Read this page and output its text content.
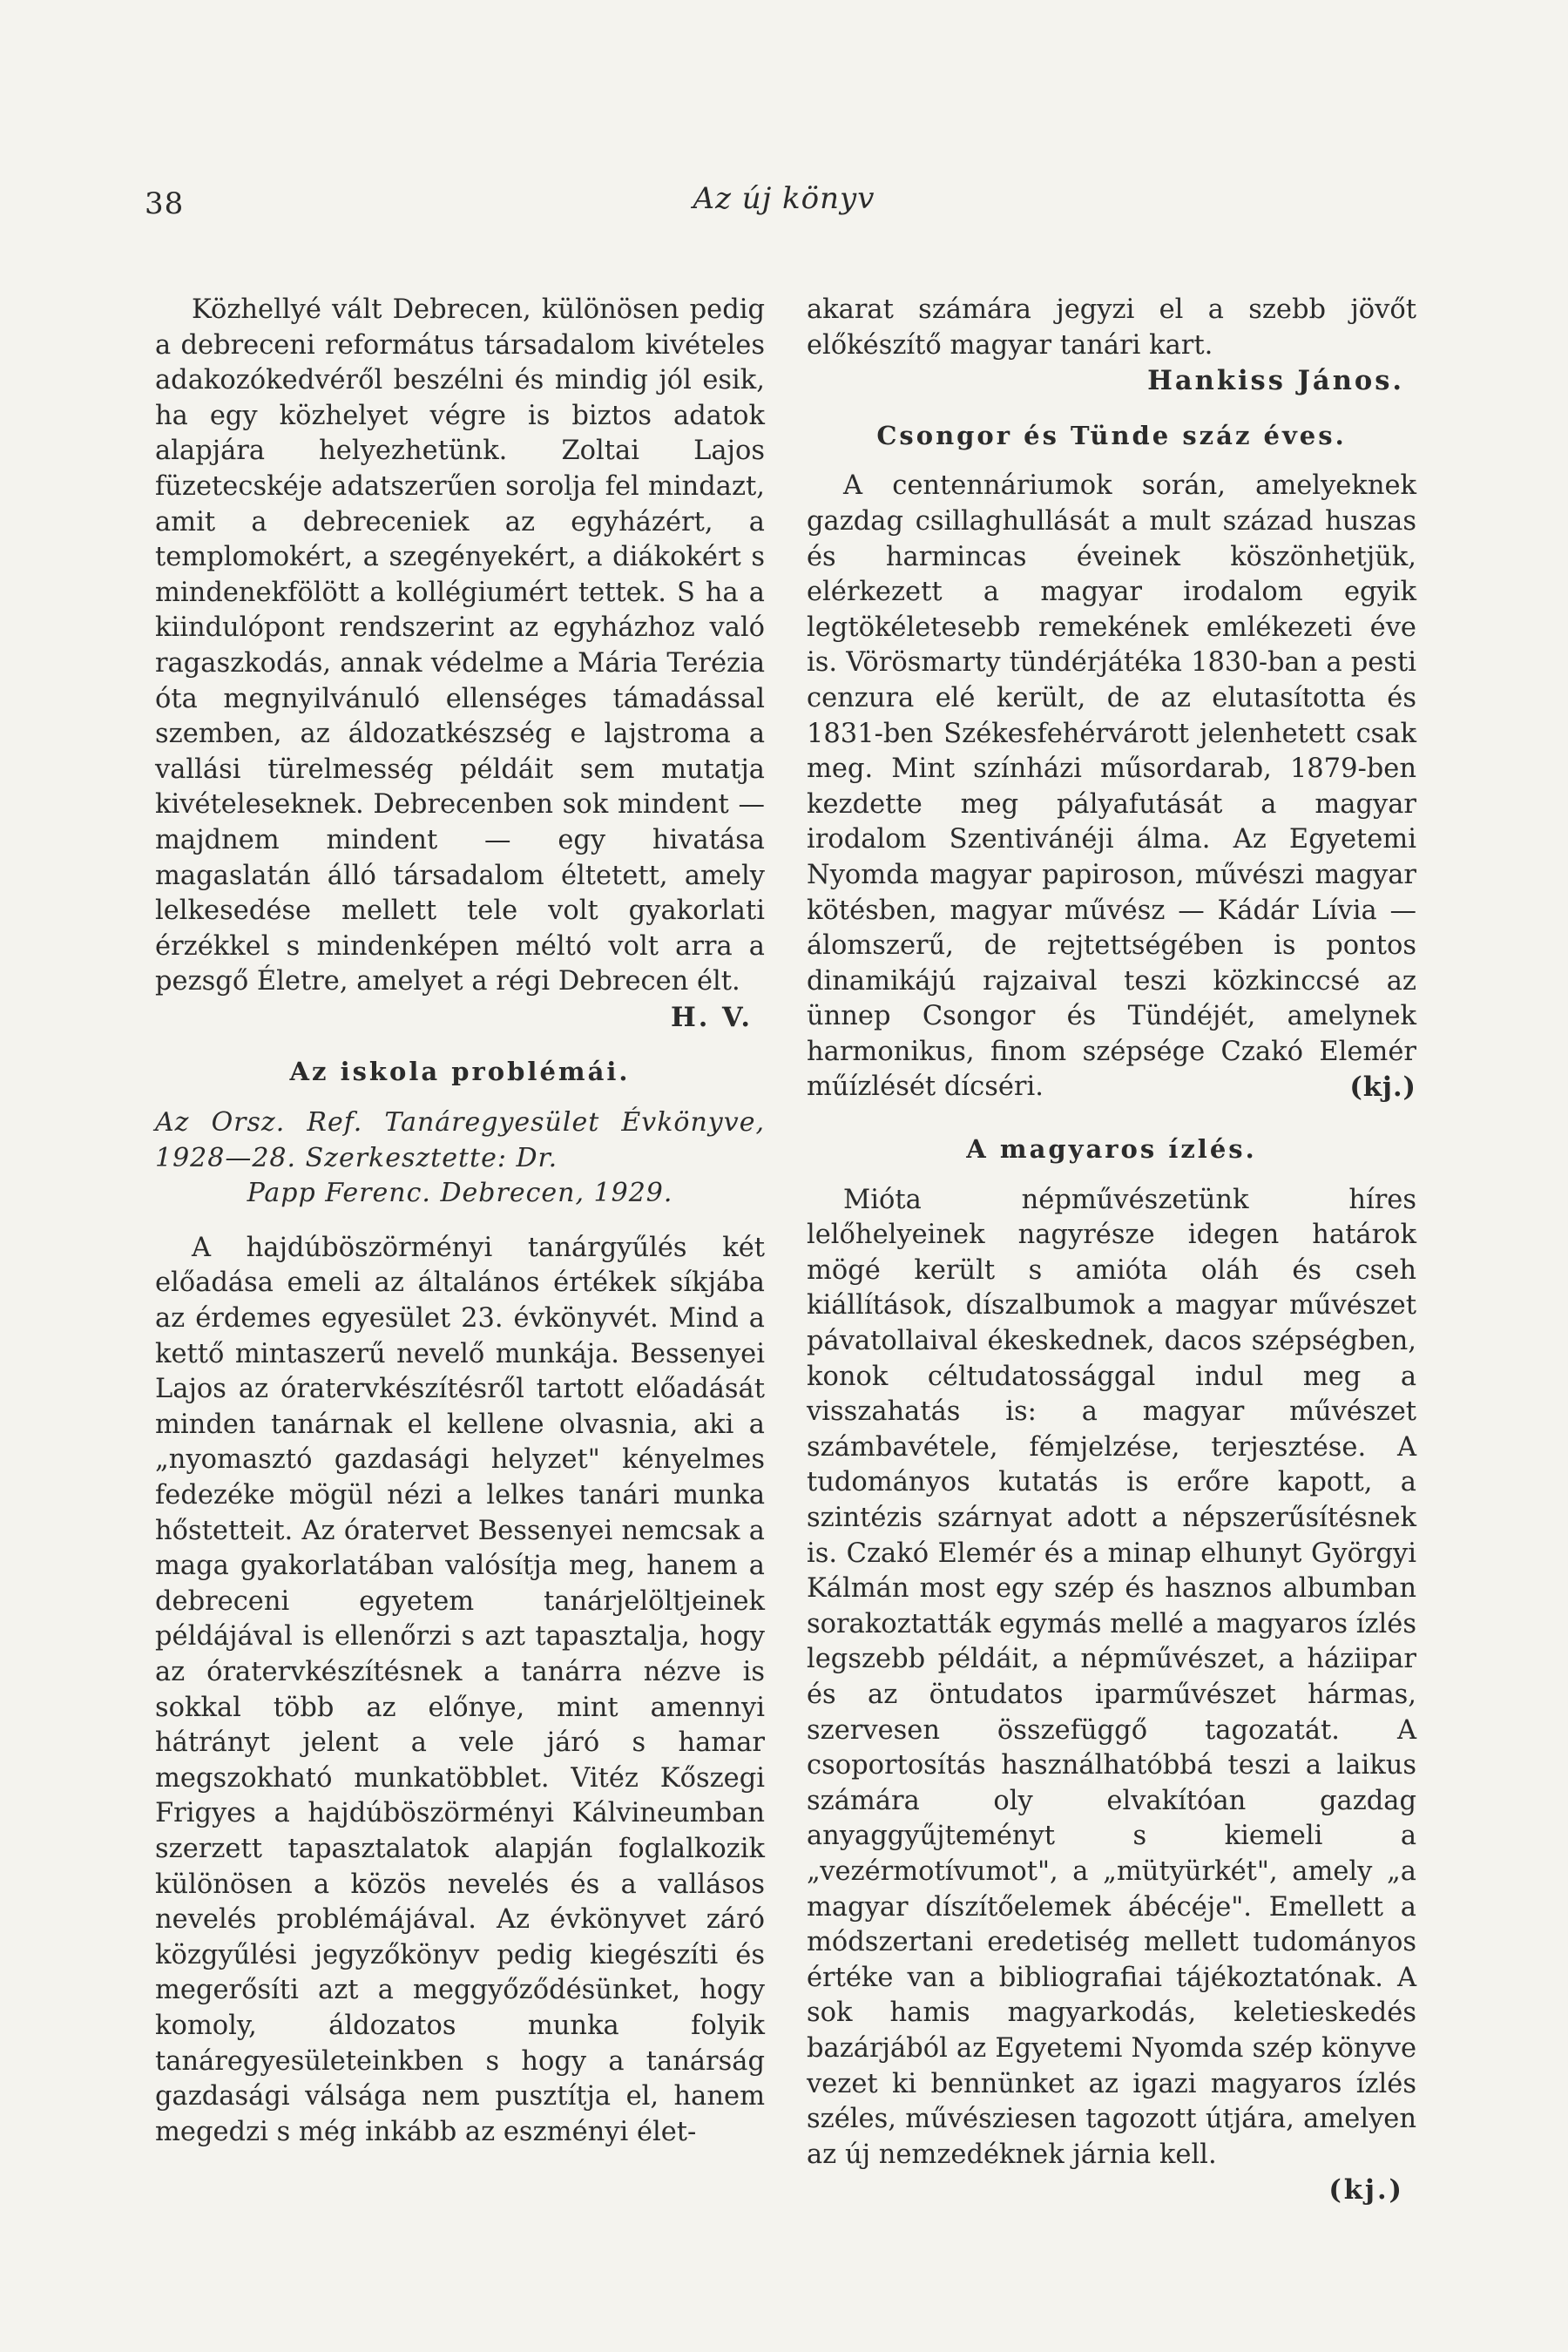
38	Az új könyv

Közhellyé vált Debrecen, különösen pedig a debreceni református társadalom kivételes adakozókedvéről beszélni és mindig jól esik, ha egy közhelyet végre is biztos adatok alapjára helyezhetünk. Zoltai Lajos füzetecskéje adatszerűen sorolja fel mindazt, amit a debreceniek az egyházért, a templomokért, a szegényekért, a diákokért s mindenekfölött a kollégiumért tettek. S ha a kiindulópont rendszerint az egyházhoz való ragaszkodás, annak védelme a Mária Terézia óta megnyilvánuló ellenséges támadással szemben, az áldozatkészség e lajstroma a vallási türelmesség példáit sem mutatja kivételeseknek. Debrecenben sok mindent — majdnem mindent — egy hivatása magaslatán álló társadalom éltetett, amely lelkesedése mellett tele volt gyakorlati érzékkel s mindenképen méltó volt arra a pezsgő Életre, amelyet a régi Debrecen élt.

H. V.

Az iskola problémái.
Az Orsz. Ref. Tanáregyesület Évkönyve, 1928—28. Szerkesztette: Dr.
Papp Ferenc. Debrecen, 1929.

A hajdúböszörményi tanárgyűlés két előadása emeli az általános értékek síkjába az érdemes egyesület 23. évkönyvét. Mind a kettő mintaszerű nevelő munkája. Bessenyei Lajos az óratervkészítésről tartott előadását minden tanárnak el kellene olvasnia, aki a „nyomasztó gazdasági helyzet" kényelmes fedezéke mögül nézi a lelkes tanári munka hőstetteit. Az óratervet Bessenyei nemcsak a maga gyakorlatában valósítja meg, hanem a debreceni egyetem tanárjelöltjeinek példájával is ellenőrzi s azt tapasztalja, hogy az óratervkészítésnek a tanárra nézve is sokkal több az előnye, mint amennyi hátrányt jelent a vele járó s hamar megszokható munkatöbblet. Vitéz Kőszegi Frigyes a hajdúböszörményi Kálvineumban szerzett tapasztalatok alapján foglalkozik különösen a közös nevelés és a vallásos nevelés problémájával. Az évkönyvet záró közgyűlési jegyzőkönyv pedig kiegészíti és megerősíti azt a meggyőződésünket, hogy komoly, áldozatos munka folyik tanáregyesületeinkben s hogy a tanárság gazdasági válsága nem pusztítja el, hanem megedzi s még inkább az eszményi élet-

akarat számára jegyzi el a szebb jövőt előkészítő magyar tanári kart.

Hankiss János.

Csongor és Tünde száz éves.

A centennáriumok során, amelyeknek gazdag csillaghullását a mult század huszas és harmincas éveinek köszönhetjük, elérkezett a magyar irodalom egyik legtökéletesebb remekének emlékezeti éve is. Vörösmarty tündérjátéka 1830-ban a pesti cenzura elé került, de az elutasította és 1831-ben Székesfehérvárott jelenhetett csak meg. Mint színházi műsordarab, 1879-ben kezdette meg pályafutását a magyar irodalom Szentivánéji álma. Az Egyetemi Nyomda magyar papiroson, művészi magyar kötésben, magyar művész — Kádár Lívia — álomszerű, de rejtettségében is pontos dinamikájú rajzaival teszi közkinccsé az ünnep Csongor és Tündéjét, amelynek harmonikus, finom szépsége Czakó Elemér műízlését dícséri.	(kj.)

A magyaros ízlés.

Mióta népművészetünk híres lelőhelyeinek nagyrésze idegen határok mögé került s amióta oláh és cseh kiállítások, díszalbumok a magyar művészet pávatollaival ékeskednek, dacos szépségben, konok céltudatossággal indul meg a visszahatás is: a magyar művészet számbavétele, fémjelzése, terjesztése. A tudományos kutatás is erőre kapott, a szintézis szárnyat adott a népszerűsítésnek is. Czakó Elemér és a minap elhunyt Györgyi Kálmán most egy szép és hasznos albumban sorakoztatták egymás mellé a magyaros ízlés legszebb példáit, a népművészet, a háziipar és az öntudatos iparművészet hármas, szervesen összefüggő tagozatát. A csoportosítás használhatóbbá teszi a laikus számára oly elvakítóan gazdag anyaggyűjteményt s kiemeli a „vezérmotívumot", a „mütyürkét", amely „a magyar díszítőelemek ábécéje". Emellett a módszertani eredetiség mellett tudományos értéke van a bibliografiai tájékoztatónak. A sok hamis magyarkodás, keletieskedés bazárjából az Egyetemi Nyomda szép könyve vezet ki bennünket az igazi magyaros ízlés széles, művésziesen tagozott útjára, amelyen az új nemzedéknek járnia kell.

(kj.)
